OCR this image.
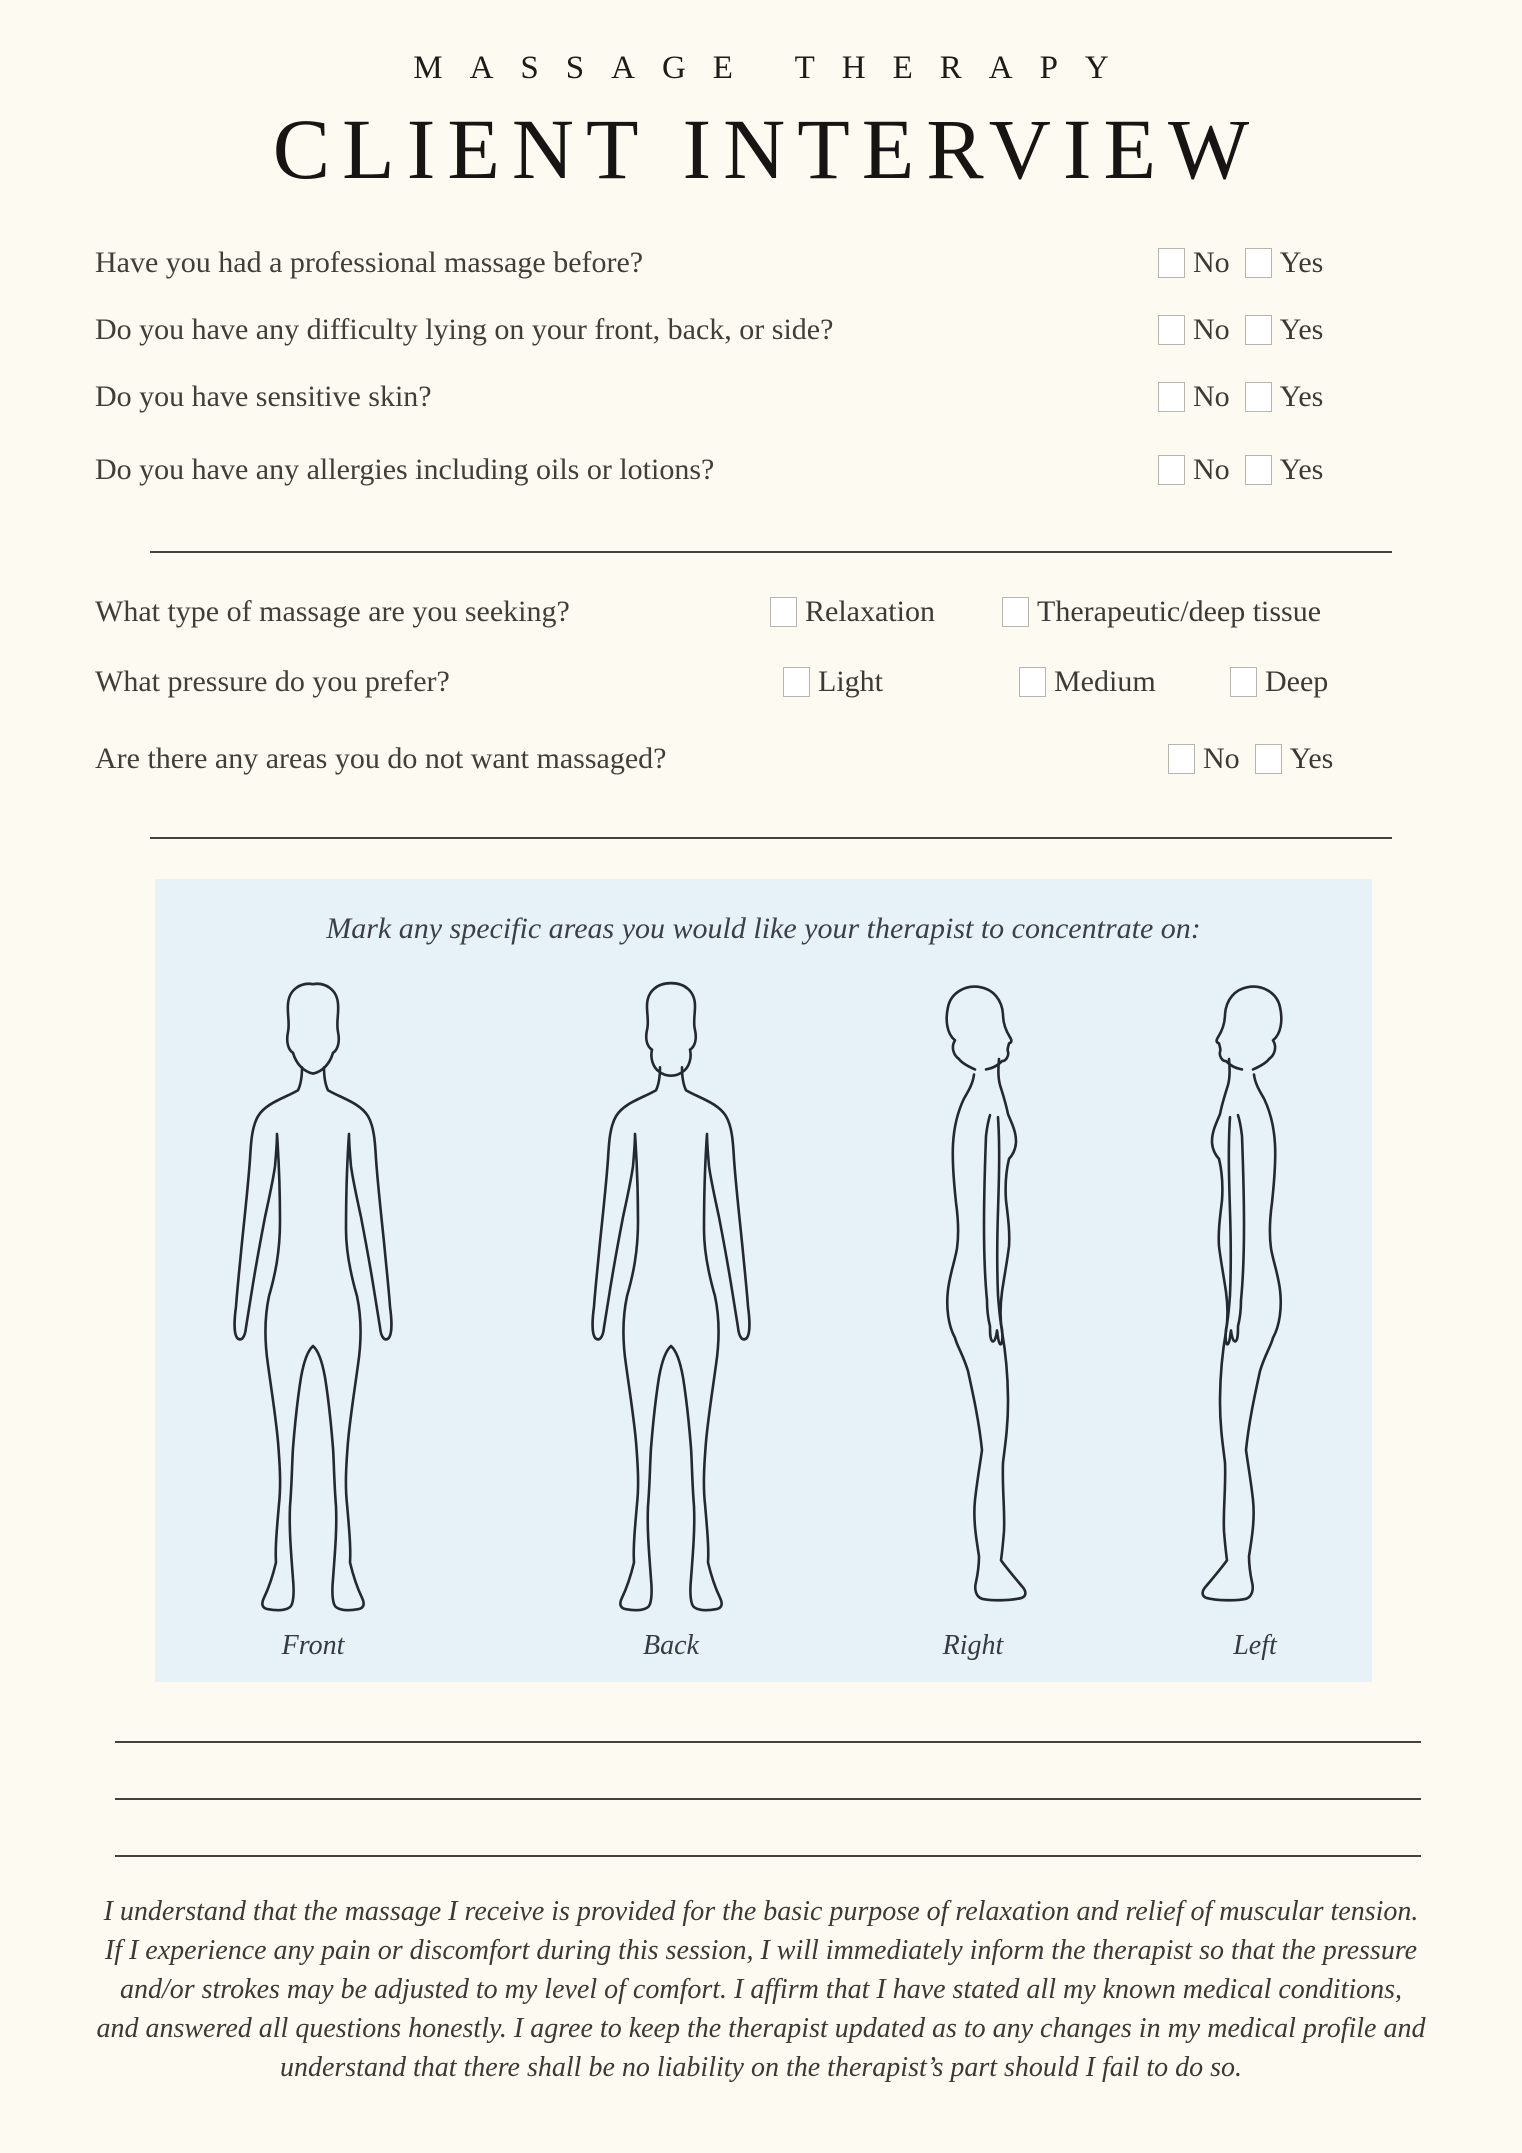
MASSAGE THERAPY
CLIENT INTERVIEW
Have you had a professional massage before?	No Yes
Do you have any difficulty lying on your front, back, or side?	No Yes
Do you have sensitive skin?	No Yes
Do you have any allergies including oils or lotions?	No Yes
What type of massage are you seeking?	Relaxation	Therapeutic/deep tissue
What pressure do you prefer?	Light	Medium	Deep
Are there any areas you do not want massaged?	No Yes
Mark any specific areas you would like your therapist to concentrate on:
Front	Back	Right	Left
I understand that the massage I receive is provided for the basic purpose of relaxation and relief of muscular tension. If I experience any pain or discomfort during this session, I will immediately inform the therapist so that the pressure and/or strokes may be adjusted to my level of comfort. I affirm that I have stated all my known medical conditions, and answered all questions honestly. I agree to keep the therapist updated as to any changes in my medical profile and understand that there shall be no liability on the therapist’s part should I fail to do so.
